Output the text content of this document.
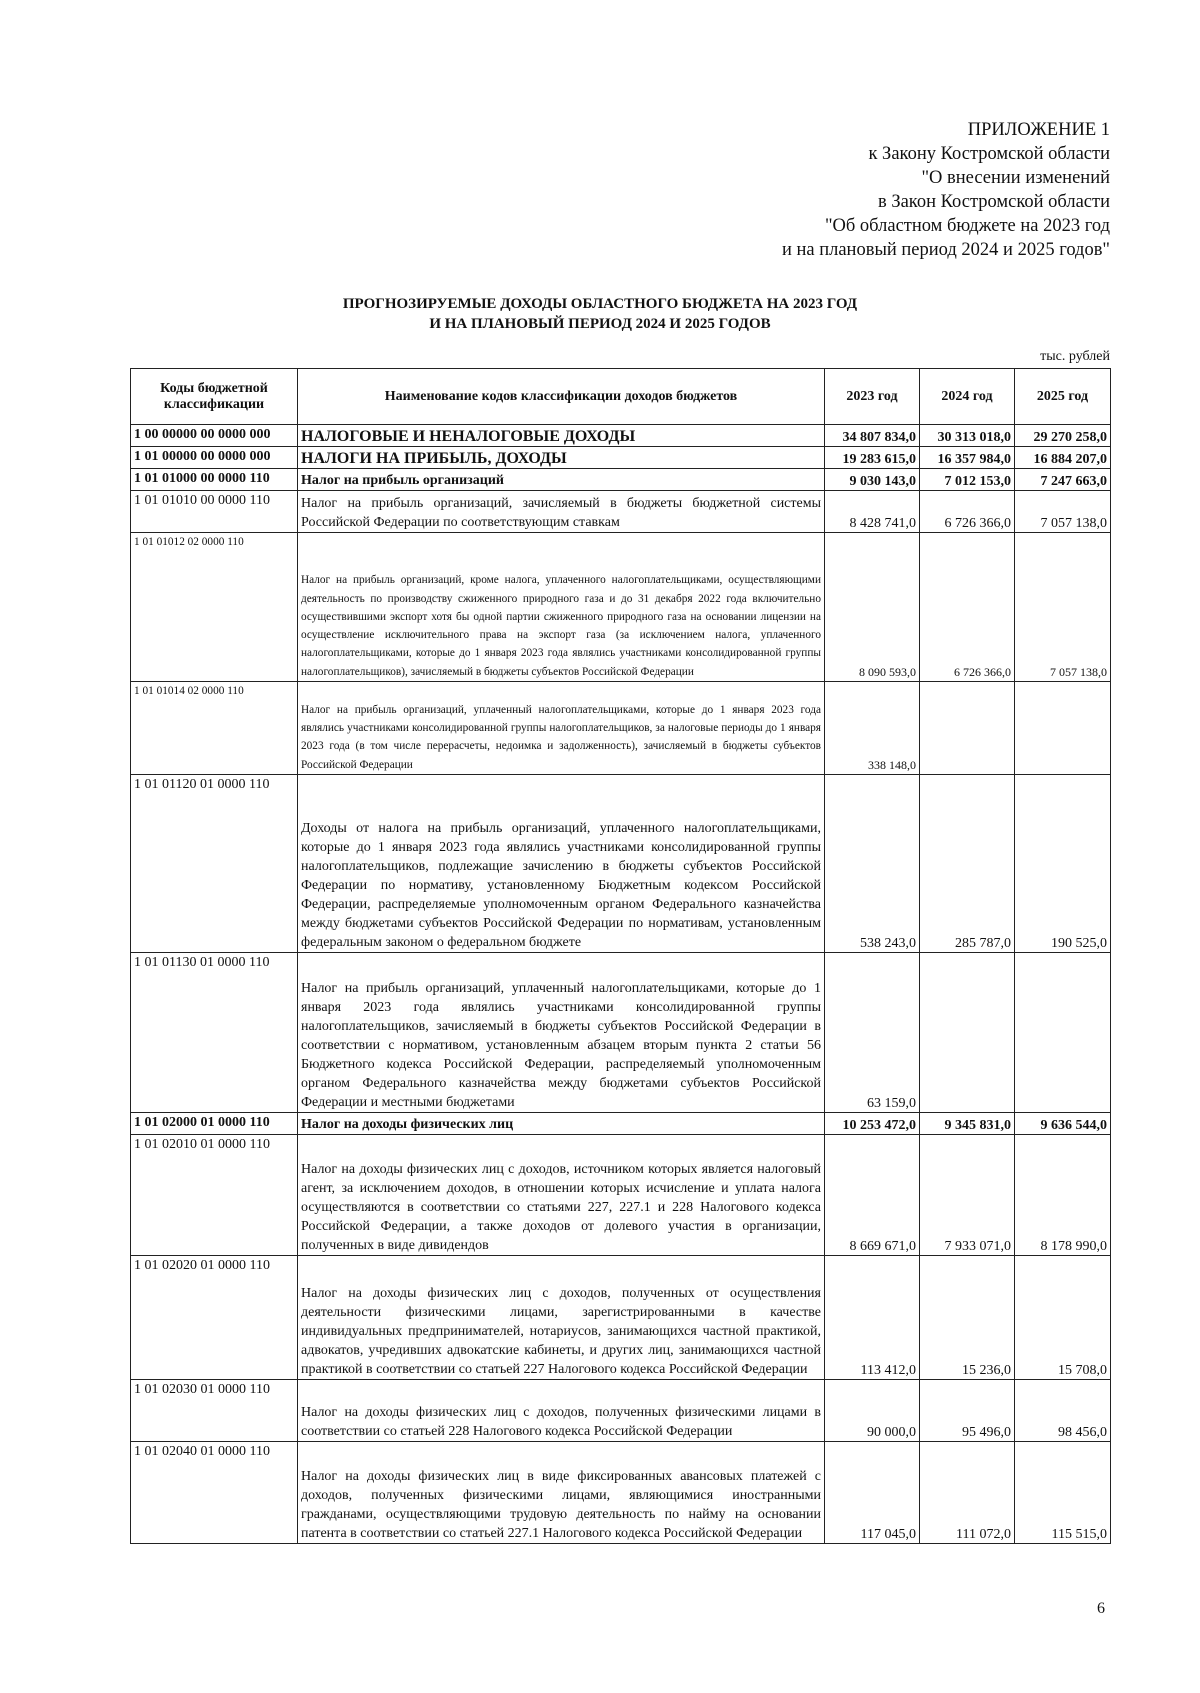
ПРИЛОЖЕНИЕ 1
к Закону Костромской области
"О внесении изменений
в Закон Костромской области
"Об областном бюджете на 2023 год
и на плановый период 2024 и 2025 годов"
ПРОГНОЗИРУЕМЫЕ ДОХОДЫ ОБЛАСТНОГО БЮДЖЕТА НА 2023 ГОД
И НА ПЛАНОВЫЙ ПЕРИОД 2024 И 2025 ГОДОВ
тыс. рублей
Коды бюджетной классификации	Наименование кодов классификации доходов бюджетов	2023 год	2024 год	2025 год
1 00 00000 00 0000 000	НАЛОГОВЫЕ И НЕНАЛОГОВЫЕ ДОХОДЫ	34 807 834,0	30 313 018,0	29 270 258,0
1 01 00000 00 0000 000	НАЛОГИ НА ПРИБЫЛЬ, ДОХОДЫ	19 283 615,0	16 357 984,0	16 884 207,0
1 01 01000 00 0000 110	Налог на прибыль организаций	9 030 143,0	7 012 153,0	7 247 663,0
1 01 01010 00 0000 110	Налог на прибыль организаций, зачисляемый в бюджеты бюджетной системы Российской Федерации по соответствующим ставкам	8 428 741,0	6 726 366,0	7 057 138,0
1 01 01012 02 0000 110	Налог на прибыль организаций, кроме налога, уплаченного налогоплательщиками, осуществляющими деятельность по производству сжиженного природного газа и до 31 декабря 2022 года включительно осуществившими экспорт хотя бы одной партии сжиженного природного газа на основании лицензии на осуществление исключительного права на экспорт газа (за исключением налога, уплаченного налогоплательщиками, которые до 1 января 2023 года являлись участниками консолидированной группы налогоплательщиков), зачисляемый в бюджеты субъектов Российской Федерации	8 090 593,0	6 726 366,0	7 057 138,0
1 01 01014 02 0000 110	Налог на прибыль организаций, уплаченный налогоплательщиками, которые до 1 января 2023 года являлись участниками консолидированной группы налогоплательщиков, за налоговые периоды до 1 января 2023 года (в том числе перерасчеты, недоимка и задолженность), зачисляемый в бюджеты субъектов Российской Федерации	338 148,0		
1 01 01120 01 0000 110	Доходы от налога на прибыль организаций, уплаченного налогоплательщиками, которые до 1 января 2023 года являлись участниками консолидированной группы налогоплательщиков, подлежащие зачислению в бюджеты субъектов Российской Федерации по нормативу, установленному Бюджетным кодексом Российской Федерации, распределяемые уполномоченным органом Федерального казначейства между бюджетами субъектов Российской Федерации по нормативам, установленным федеральным законом о федеральном бюджете	538 243,0	285 787,0	190 525,0
1 01 01130 01 0000 110	Налог на прибыль организаций, уплаченный налогоплательщиками, которые до 1 января 2023 года являлись участниками консолидированной группы налогоплательщиков, зачисляемый в бюджеты субъектов Российской Федерации в соответствии с нормативом, установленным абзацем вторым пункта 2 статьи 56 Бюджетного кодекса Российской Федерации, распределяемый уполномоченным органом Федерального казначейства между бюджетами субъектов Российской Федерации и местными бюджетами	63 159,0		
1 01 02000 01 0000 110	Налог на доходы физических лиц	10 253 472,0	9 345 831,0	9 636 544,0
1 01 02010 01 0000 110	Налог на доходы физических лиц с доходов, источником которых является налоговый агент, за исключением доходов, в отношении которых исчисление и уплата налога осуществляются в соответствии со статьями 227, 227.1 и 228 Налогового кодекса Российской Федерации, а также доходов от долевого участия в организации, полученных в виде дивидендов	8 669 671,0	7 933 071,0	8 178 990,0
1 01 02020 01 0000 110	Налог на доходы физических лиц с доходов, полученных от осуществления деятельности физическими лицами, зарегистрированными в качестве индивидуальных предпринимателей, нотариусов, занимающихся частной практикой, адвокатов, учредивших адвокатские кабинеты, и других лиц, занимающихся частной практикой в соответствии со статьей 227 Налогового кодекса Российской Федерации	113 412,0	15 236,0	15 708,0
1 01 02030 01 0000 110	Налог на доходы физических лиц с доходов, полученных физическими лицами в соответствии со статьей 228 Налогового кодекса Российской Федерации	90 000,0	95 496,0	98 456,0
1 01 02040 01 0000 110	Налог на доходы физических лиц в виде фиксированных авансовых платежей с доходов, полученных физическими лицами, являющимися иностранными гражданами, осуществляющими трудовую деятельность по найму на основании патента в соответствии со статьей 227.1 Налогового кодекса Российской Федерации	117 045,0	111 072,0	115 515,0
6
